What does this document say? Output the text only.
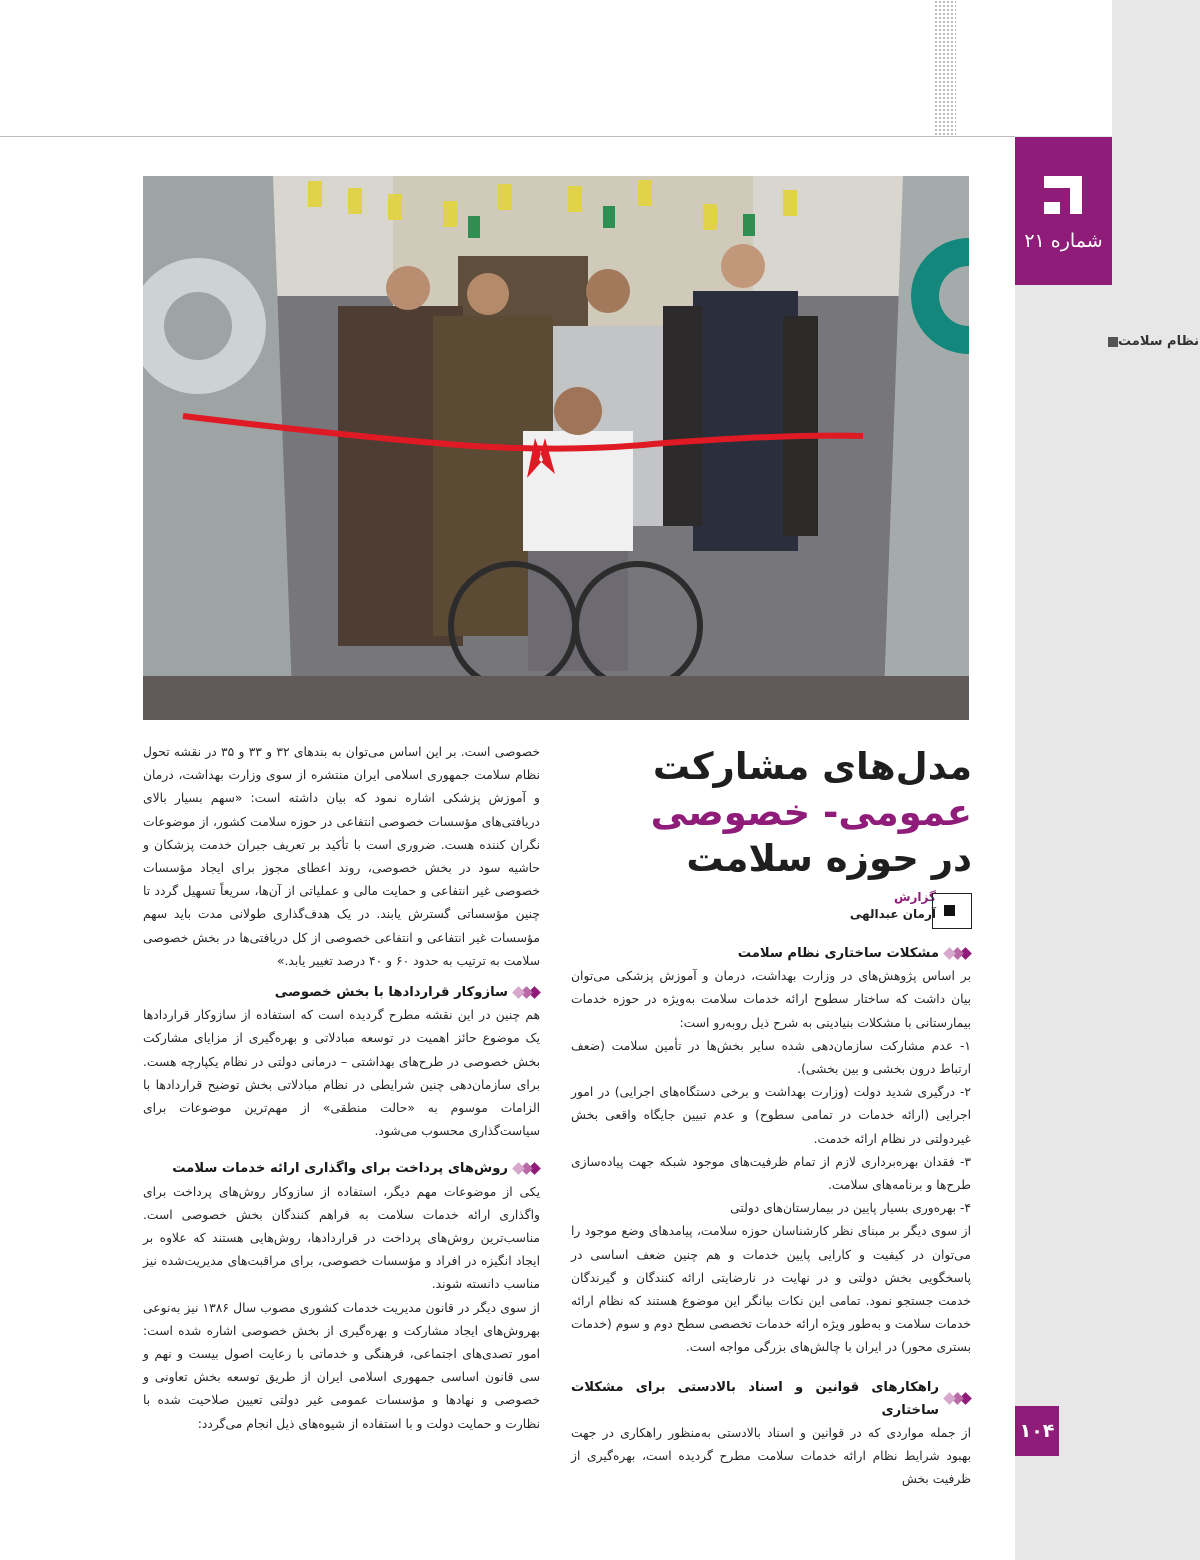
شماره ۲۱
نظام سلامت
۱۰۴
مدل‌های مشارکت
عمومی- خصوصی
در حوزه سلامت
گزارش
آرمان عبدالهی

خصوصی است. بر این اساس می‌توان به بندهای ۳۲ و ۳۳ و ۳۵ در نقشه تحول نظام سلامت جمهوری اسلامی ایران منتشره از سوی وزارت بهداشت، درمان و آموزش پزشکی اشاره نمود که بیان داشته است: «سهم بسیار بالای دریافتی‌های مؤسسات خصوصی انتفاعی در حوزه سلامت کشور، از موضوعات نگران کننده هست. ضروری است با تأکید بر تعریف جبران خدمت پزشکان و حاشیه سود در بخش خصوصی، روند اعطای مجوز برای ایجاد مؤسسات خصوصی غیر انتفاعی و حمایت مالی و عملیاتی از آن‌ها، سریعاً تسهیل گردد تا چنین مؤسساتی گسترش یابند. در یک هدف‌گذاری طولانی مدت باید سهم مؤسسات غیر انتفاعی و انتفاعی خصوصی از کل دریافتی‌ها در بخش خصوصی سلامت به ترتیب به حدود ۶۰ و ۴۰ درصد تغییر یابد.»

سازوکار قراردادها با بخش خصوصی

هم چنین در این نقشه مطرح گردیده است که استفاده از سازوکار قراردادها یک موضوع حائز اهمیت در توسعه مبادلاتی و بهره‌گیری از مزایای مشارکت بخش خصوصی در طرح‌های بهداشتی – درمانی دولتی در نظام یکپارچه هست. برای سازمان‌دهی چنین شرایطی در نظام مبادلاتی بخش توضیح قراردادها با الزامات موسوم به «حالت منطقی» از مهم‌ترین موضوعات برای سیاست‌گذاری محسوب می‌شود.

روش‌های پرداخت برای واگذاری ارائه خدمات سلامت

یکی از موضوعات مهم دیگر، استفاده از سازوکار روش‌های پرداخت برای واگذاری ارائه خدمات سلامت به فراهم کنندگان بخش خصوصی است. مناسب‌ترین روش‌های پرداخت در قراردادها، روش‌هایی هستند که علاوه بر ایجاد انگیزه در افراد و مؤسسات خصوصی، برای مراقبت‌های مدیریت‌شده نیز مناسب دانسته شوند.

از سوی دیگر در قانون مدیریت خدمات کشوری مصوب سال ۱۳۸۶ نیز به‌نوعی بهروش‌های ایجاد مشارکت و بهره‌گیری از بخش خصوصی اشاره شده است: امور تصدی‌های اجتماعی، فرهنگی و خدماتی با رعایت اصول بیست و نهم و سی قانون اساسی جمهوری اسلامی ایران از طریق توسعه بخش تعاونی و خصوصی و نهادها و مؤسسات عمومی غیر دولتی تعیین صلاحیت شده با نظارت و حمایت دولت و با استفاده از شیوه‌های ذیل انجام می‌گردد:

مشکلات ساختاری نظام سلامت

بر اساس پژوهش‌های در وزارت بهداشت، درمان و آموزش پزشکی می‌توان بیان داشت که ساختار سطوح ارائه خدمات سلامت به‌ویژه در حوزه خدمات بیمارستانی با مشکلات بنیادینی به شرح ذیل روبه‌رو است:

۱- عدم مشارکت سازمان‌دهی شده سایر بخش‌ها در تأمین سلامت (ضعف ارتباط درون بخشی و بین بخشی).

۲- درگیری شدید دولت (وزارت بهداشت و برخی دستگاه‌های اجرایی) در امور اجرایی (ارائه خدمات در تمامی سطوح) و عدم تبیین جایگاه واقعی بخش غیردولتی در نظام ارائه خدمت.

۳- فقدان بهره‌برداری لازم از تمام ظرفیت‌های موجود شبکه جهت پیاده‌سازی طرح‌ها و برنامه‌های سلامت.

۴- بهره‌وری بسیار پایین در بیمارستان‌های دولتی

از سوی دیگر بر مبنای نظر کارشناسان حوزه سلامت، پیامدهای وضع موجود را می‌توان در کیفیت و کارایی پایین خدمات و هم چنین ضعف اساسی در پاسخگویی بخش دولتی و در نهایت در نارضایتی ارائه کنندگان و گیرندگان خدمت جستجو نمود. تمامی این نکات بیانگر این موضوع هستند که نظام ارائه خدمات سلامت و به‌طور ویژه ارائه خدمات تخصصی سطح دوم و سوم (خدمات بستری محور) در ایران با چالش‌های بزرگی مواجه است.

راهکارهای قوانین و اسناد بالادستی برای مشکلات ساختاری

از جمله مواردی که در قوانین و اسناد بالادستی به‌منظور راهکاری در جهت بهبود شرایط نظام ارائه خدمات سلامت مطرح گردیده است، بهره‌گیری از ظرفیت بخش
